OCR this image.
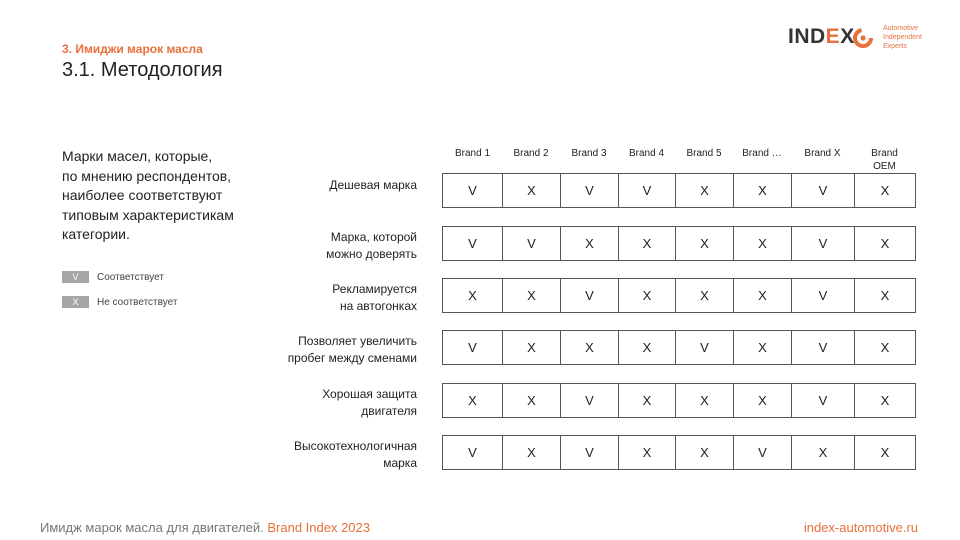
3. Имиджи марок масла
3.1. Методология
INDEX	Automotive
Independent
Experts
Марки масел, которые,
по мнению респондентов,
наиболее соответствуют
типовым характеристикам
категории.
V	Соответствует
X	Не соответствует
Brand 1	Brand 2	Brand 3	Brand 4	Brand 5	Brand …	Brand X	Brand
OEM
Дешевая марка	V	X	V	V	X	X	V	X
Марка, которой
можно доверять
V	V	X	X	X	X	V	X
Рекламируется
на автогонках
X	X	V	X	X	X	V	X
Позволяет увеличить
пробег между сменами
V	X	X	X	V	X	V	X
Хорошая защита
двигателя
X	X	V	X	X	X	V	X
Высокотехнологичная
марка
V	X	V	X	X	V	X	X
Имидж марок масла для двигателей. Brand Index 2023	index-automotive.ru
